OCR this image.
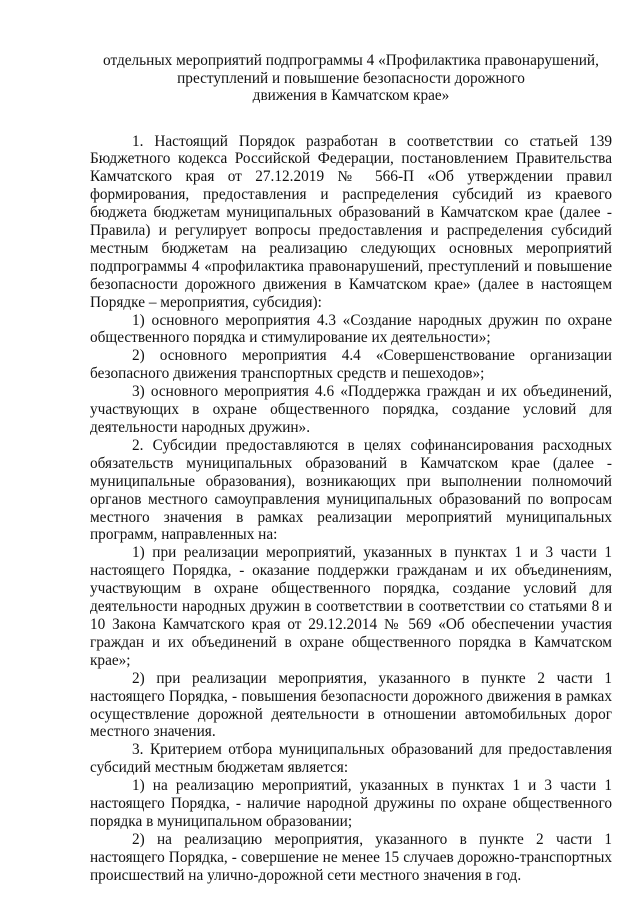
отдельных мероприятий подпрограммы 4 «Профилактика правонарушений,
преступлений и повышение безопасности дорожного
движения в Камчатском крае»

1. Настоящий Порядок разработан в соответствии со статьей 139 Бюджетного кодекса Российской Федерации, постановлением Правительства Камчатского края от 27.12.2019 № 566-П «Об утверждении правил формирования, предоставления и распределения субсидий из краевого бюджета бюджетам муниципальных образований в Камчатском крае (далее - Правила) и регулирует вопросы предоставления и распределения субсидий местным бюджетам на реализацию следующих основных мероприятий подпрограммы 4 «профилактика правонарушений, преступлений и повышение безопасности дорожного движения в Камчатском крае» (далее в настоящем Порядке – мероприятия, субсидия):

1) основного мероприятия 4.3 «Создание народных дружин по охране общественного порядка и стимулирование их деятельности»;

2) основного мероприятия 4.4 «Совершенствование организации безопасного движения транспортных средств и пешеходов»;

3) основного мероприятия 4.6 «Поддержка граждан и их объединений, участвующих в охране общественного порядка, создание условий для деятельности народных дружин».

2. Субсидии предоставляются в целях софинансирования расходных обязательств муниципальных образований в Камчатском крае (далее - муниципальные образования), возникающих при выполнении полномочий органов местного самоуправления муниципальных образований по вопросам местного значения в рамках реализации мероприятий муниципальных программ, направленных на:

1) при реализации мероприятий, указанных в пунктах 1 и 3 части 1 настоящего Порядка, - оказание поддержки гражданам и их объединениям, участвующим в охране общественного порядка, создание условий для деятельности народных дружин в соответствии в соответствии со статьями 8 и 10 Закона Камчатского края от 29.12.2014 № 569 «Об обеспечении участия граждан и их объединений в охране общественного порядка в Камчатском крае»;

2) при реализации мероприятия, указанного в пункте 2 части 1 настоящего Порядка, - повышения безопасности дорожного движения в рамках осуществление дорожной деятельности в отношении автомобильных дорог местного значения.

3. Критерием отбора муниципальных образований для предоставления субсидий местным бюджетам является:

1) на реализацию мероприятий, указанных в пунктах 1 и 3 части 1 настоящего Порядка, - наличие народной дружины по охране общественного порядка в муниципальном образовании;

2) на реализацию мероприятия, указанного в пункте 2 части 1 настоящего Порядка, - совершение не менее 15 случаев дорожно-транспортных происшествий на улично-дорожной сети местного значения в год.
